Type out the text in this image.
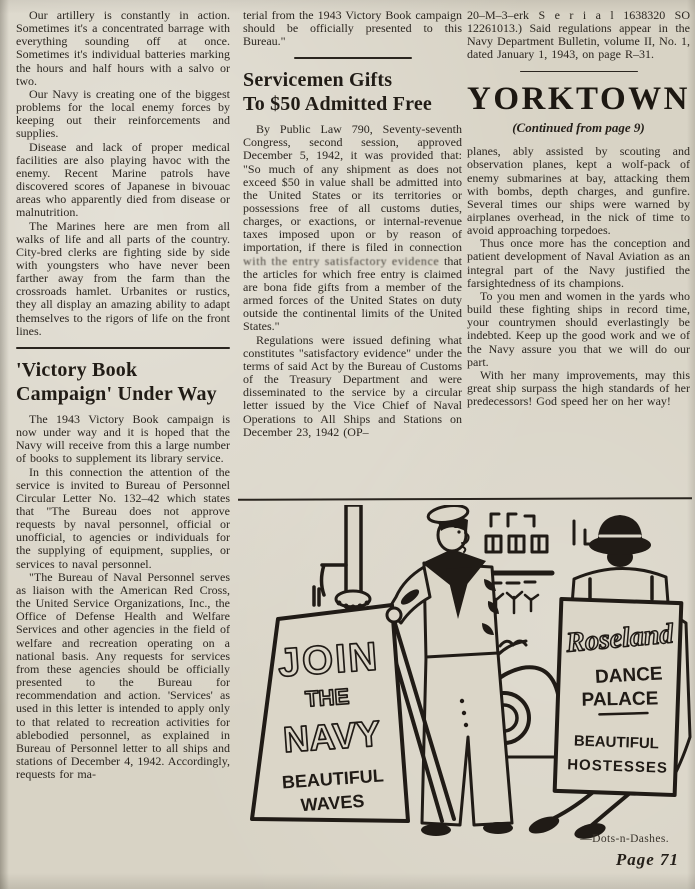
Our artillery is constantly in action. Sometimes it's a concentrated barrage with everything sounding off at once. Sometimes it's individual batteries marking the hours and half hours with a salvo or two.

Our Navy is creating one of the biggest problems for the local enemy forces by keeping out their reinforcements and supplies.

Disease and lack of proper medical facilities are also playing havoc with the enemy. Recent Marine patrols have discovered scores of Japanese in bivouac areas who apparently died from disease or malnutrition.

The Marines here are men from all walks of life and all parts of the country. City-bred clerks are fighting side by side with youngsters who have never been farther away from the farm than the crossroads hamlet. Urbanites or rustics, they all display an amazing ability to adapt themselves to the rigors of life on the front lines.

'Victory Book
Campaign' Under Way

The 1943 Victory Book campaign is now under way and it is hoped that the Navy will receive from this a large number of books to supplement its library service.

In this connection the attention of the service is invited to Bureau of Personnel Circular Letter No. 132–42 which states that "The Bureau does not approve requests by naval personnel, official or unofficial, to agencies or individuals for the supplying of equipment, supplies, or services to naval personnel.

"The Bureau of Naval Personnel serves as liaison with the American Red Cross, the United Service Organizations, Inc., the Office of Defense Health and Welfare Services and other agencies in the field of welfare and recreation operating on a national basis. Any requests for services from these agencies should be officially presented to the Bureau for recommendation and action. 'Services' as used in this letter is intended to apply only to that related to recreation activities for ablebodied personnel, as explained in Bureau of Personnel letter to all ships and stations of December 4, 1942. Accordingly, requests for ma-

terial from the 1943 Victory Book campaign should be officially presented to this Bureau."

Servicemen Gifts
To $50 Admitted Free

By Public Law 790, Seventy-seventh Congress, second session, approved December 5, 1942, it was provided that: "So much of any shipment as does not exceed $50 in value shall be admitted into the United States or its territories or possessions free of all customs duties, charges, or exactions, or internal-revenue taxes imposed upon or by reason of importation, if there is filed in connection with the entry satisfactory evidence that the articles for which free entry is claimed are bona fide gifts from a member of the armed forces of the United States on duty outside the continental limits of the United States."

Regulations were issued defining what constitutes "satisfactory evidence" under the terms of said Act by the Bureau of Customs of the Treasury Department and were disseminated to the service by a circular letter issued by the Vice Chief of Naval Operations to All Ships and Stations on December 23, 1942 (OP–

20–M–3–erk S e r i a l 1638320 SO 12261013.) Said regulations appear in the Navy Department Bulletin, volume II, No. 1, dated January 1, 1943, on page R–31.

YORKTOWN
(Continued from page 9)

planes, ably assisted by scouting and observation planes, kept a wolf-pack of enemy submarines at bay, attacking them with bombs, depth charges, and gunfire. Several times our ships were warned by airplanes overhead, in the nick of time to avoid approaching torpedoes.

Thus once more has the conception and patient development of Naval Aviation as an integral part of the Navy justified the farsightedness of its champions.

To you men and women in the yards who build these fighting ships in record time, your countrymen should everlastingly be indebted. Keep up the good work and we of the Navy assure you that we will do our part.

With her many improvements, may this great ship surpass the high standards of her predecessors! God speed her on her way!

JOIN
THE
NAVY
BEAUTIFUL
WAVES
Roseland
DANCE
PALACE
BEAUTIFUL
HOSTESSES
—Dots-n-Dashes.
Page 71
